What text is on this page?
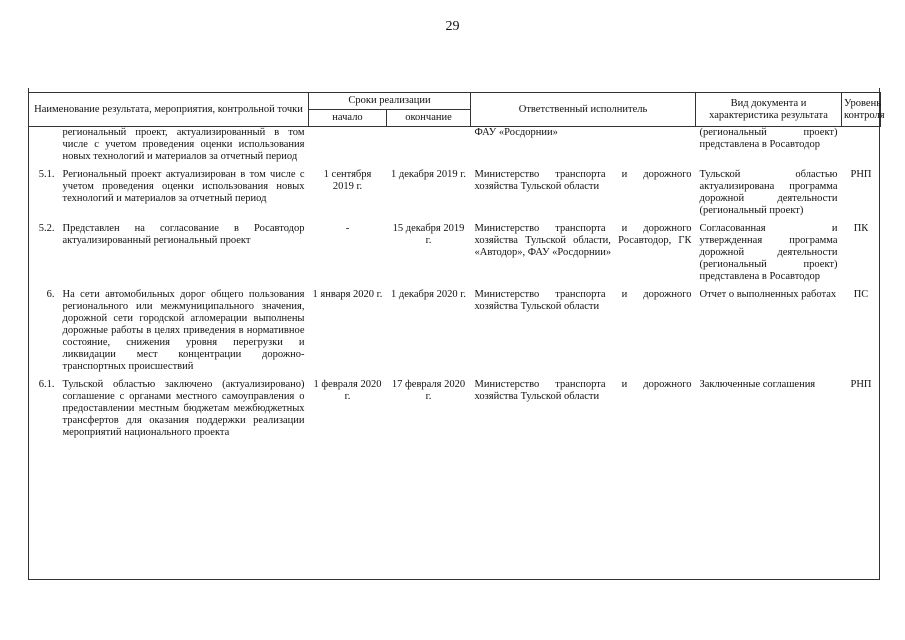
29
Наименование результата, мероприятия, контрольной точки		Сроки реализации		Ответственный исполнитель	Вид документа и характеристика результата	Уровень контроля
		начало	окончание			
	региональный проект, актуализированный в том числе с учетом проведения оценки использования новых технологий и материалов за отчетный период			ФАУ «Росдорнии»	(региональный проект) представлена в Росавтодор	

5.1.	Региональный проект актуализирован в том числе с учетом проведения оценки использования новых технологий и материалов за отчетный период	1 сентября 2019 г.	1 декабря 2019 г.	Министерство транспорта и дорожного хозяйства Тульской области	Тульской областью актуализирована программа дорожной деятельности (региональный проект)	РНП

5.2.	Представлен на согласование в Росавтодор актуализированный региональный проект	-	15 декабря 2019 г.	Министерство транспорта и дорожного хозяйства Тульской области, Росавтодор, ГК «Автодор», ФАУ «Росдорнии»	Согласованная и утвержденная программа дорожной деятельности (региональный проект) представлена в Росавтодор	ПК

6.	На сети автомобильных дорог общего пользования регионального или межмуниципального значения, дорожной сети городской агломерации выполнены дорожные работы в целях приведения в нормативное состояние, снижения уровня перегрузки и ликвидации мест концентрации дорожно-транспортных происшествий	1 января 2020 г.	1 декабря 2020 г.	Министерство транспорта и дорожного хозяйства Тульской области	Отчет о выполненных работах	ПС

6.1.	Тульской областью заключено (актуализировано) соглашение с органами местного самоуправления о предоставлении местным бюджетам межбюджетных трансфертов для оказания поддержки реализации мероприятий национального проекта	1 февраля 2020 г.	17 февраля 2020 г.	Министерство транспорта и дорожного хозяйства Тульской области	Заключенные соглашения	РНП
